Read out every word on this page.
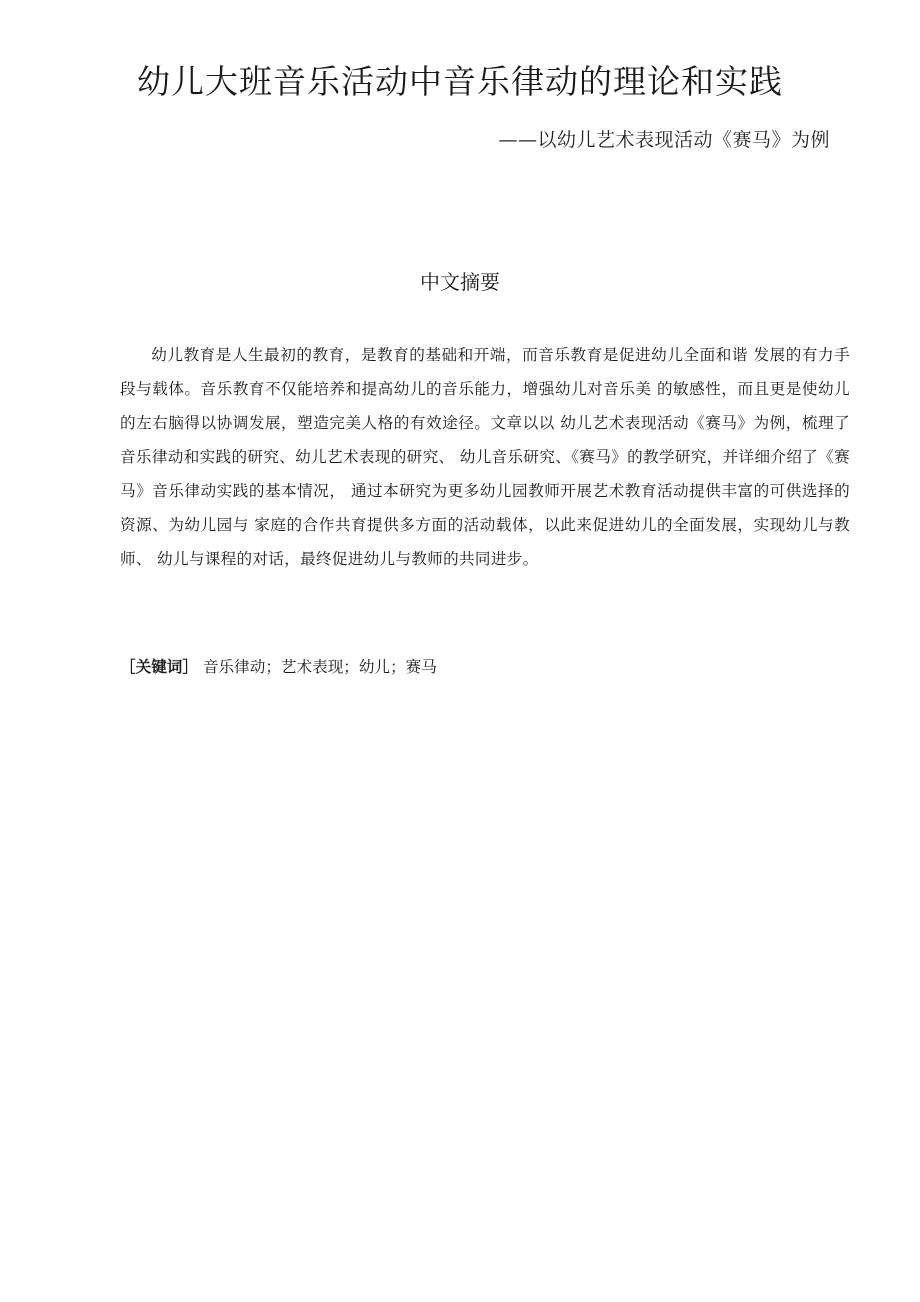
幼儿大班音乐活动中音乐律动的理论和实践

——以幼儿艺术表现活动《赛马》为例

中文摘要

幼儿教育是人生最初的教育，是教育的基础和开端，而音乐教育是促进幼儿全面和谐 发展的有力手段与载体。音乐教育不仅能培养和提高幼儿的音乐能力，增强幼儿对音乐美 的敏感性，而且更是使幼儿的左右脑得以协调发展，塑造完美人格的有效途径。文章以以 幼儿艺术表现活动《赛马》为例，梳理了音乐律动和实践的研究、幼儿艺术表现的研究、 幼儿音乐研究、《赛马》的教学研究，并详细介绍了《赛马》音乐律动实践的基本情况， 通过本研究为更多幼儿园教师开展艺术教育活动提供丰富的可供选择的资源、为幼儿园与 家庭的合作共育提供多方面的活动载体，以此来促进幼儿的全面发展，实现幼儿与教师、 幼儿与课程的对话，最终促进幼儿与教师的共同进步。

［关键词］ 音乐律动；艺术表现；幼儿；赛马
